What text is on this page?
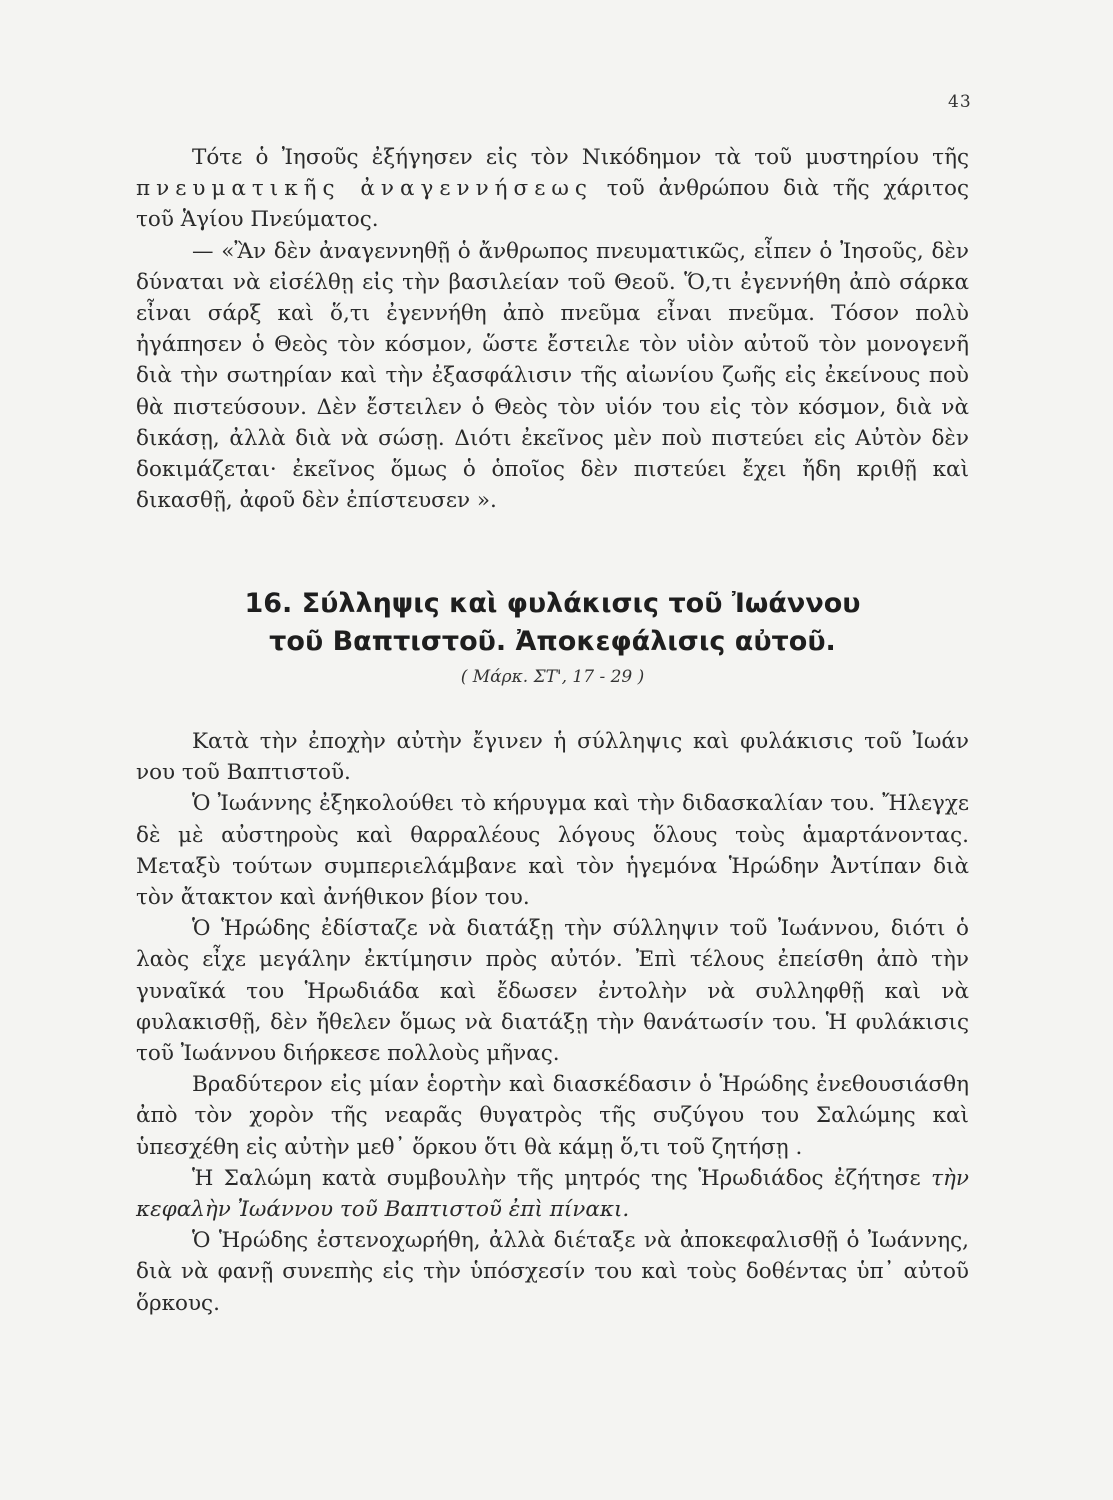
43

Τότε ὁ Ἰησοῦς ἐξήγησεν εἰς τὸν Νικόδημον τὰ τοῦ μυστηρίου τῆς πνευματικῆς ἀναγεννήσεως τοῦ ἀνθρώπου διὰ τῆς χάριτος τοῦ Ἁγίου Πνεύματος.

— «Ἂν δὲν ἀναγεννηθῇ ὁ ἄνθρωπος πνευματικῶς, εἶπεν ὁ Ἰησοῦς, δὲν δύναται νὰ εἰσέλθῃ εἰς τὴν βασιλείαν τοῦ Θεοῦ. Ὅ,τι ἐγεννήθη ἀπὸ σάρκα εἶναι σάρξ καὶ ὅ,τι ἐγεννήθη ἀπὸ πνεῦμα εἶναι πνεῦμα. Τόσον πολὺ ἠγάπησεν ὁ Θεὸς τὸν κόσμον, ὥστε ἔστειλε τὸν υἱὸν αὐτοῦ τὸν μονογενῆ διὰ τὴν σωτηρίαν καὶ τὴν ἐξασφάλισιν τῆς αἰωνίου ζωῆς εἰς ἐκείνους ποὺ θὰ πιστεύσουν. Δὲν ἔστειλεν ὁ Θεὸς τὸν υἱόν του εἰς τὸν κόσμον, διὰ νὰ δικάσῃ, ἀλλὰ διὰ νὰ σώσῃ. Διότι ἐκεῖνος μὲν ποὺ πιστεύει εἰς Αὐτὸν δὲν δοκιμάζεται· ἐκεῖνος ὅμως ὁ ὁποῖος δὲν πιστεύει ἔχει ἤδη κριθῇ καὶ δικασθῇ, ἀφοῦ δὲν ἐπίστευσεν ».

16. Σύλληψις καὶ φυλάκισις τοῦ Ἰωάννου
τοῦ Βαπτιστοῦ. Ἀποκεφάλισις αὐτοῦ.
( Μάρκ. ΣΤ', 17 - 29 )

Κατὰ τὴν ἐποχὴν αὐτὴν ἔγινεν ἡ σύλληψις καὶ φυλάκισις τοῦ Ἰωάν νου τοῦ Βαπτιστοῦ.

Ὁ Ἰωάννης ἐξηκολούθει τὸ κήρυγμα καὶ τὴν διδασκαλίαν του. Ἤλεγχε δὲ μὲ αὐστηροὺς καὶ θαρραλέους λόγους ὅλους τοὺς ἁμαρτάνοντας. Μεταξὺ τούτων συμπεριελάμβανε καὶ τὸν ἡγεμόνα Ἡρώδην Ἀντίπαν διὰ τὸν ἄτακτον καὶ ἀνήθικον βίον του.

Ὁ Ἡρώδης ἐδίσταζε νὰ διατάξῃ τὴν σύλληψιν τοῦ Ἰωάννου, διότι ὁ λαὸς εἶχε μεγάλην ἐκτίμησιν πρὸς αὐτόν. Ἐπὶ τέλους ἐπείσθη ἀπὸ τὴν γυναῖκά του Ἡρωδιάδα καὶ ἔδωσεν ἐντολὴν νὰ συλληφθῇ καὶ νὰ φυλακισθῇ, δὲν ἤθελεν ὅμως νὰ διατάξῃ τὴν θανάτωσίν του. Ἡ φυλάκισις τοῦ Ἰωάννου διήρκεσε πολλοὺς μῆνας.

Βραδύτερον εἰς μίαν ἑορτὴν καὶ διασκέδασιν ὁ Ἡρώδης ἐνεθουσιάσθη ἀπὸ τὸν χορὸν τῆς νεαρᾶς θυγατρὸς τῆς συζύγου του Σαλώμης καὶ ὑπεσχέθη εἰς αὐτὴν μεθ᾽ ὅρκου ὅτι θὰ κάμῃ ὅ,τι τοῦ ζητήσῃ .

Ἡ Σαλώμη κατὰ συμβουλὴν τῆς μητρός της Ἡρωδιάδος ἐζήτησε τὴν κεφαλὴν Ἰωάννου τοῦ Βαπτιστοῦ ἐπὶ πίνακι.

Ὁ Ἡρώδης ἐστενοχωρήθη, ἀλλὰ διέταξε νὰ ἀποκεφαλισθῇ ὁ Ἰωάννης, διὰ νὰ φανῇ συνεπὴς εἰς τὴν ὑπόσχεσίν του καὶ τοὺς δοθέντας ὑπ᾽ αὐτοῦ ὅρκους.
